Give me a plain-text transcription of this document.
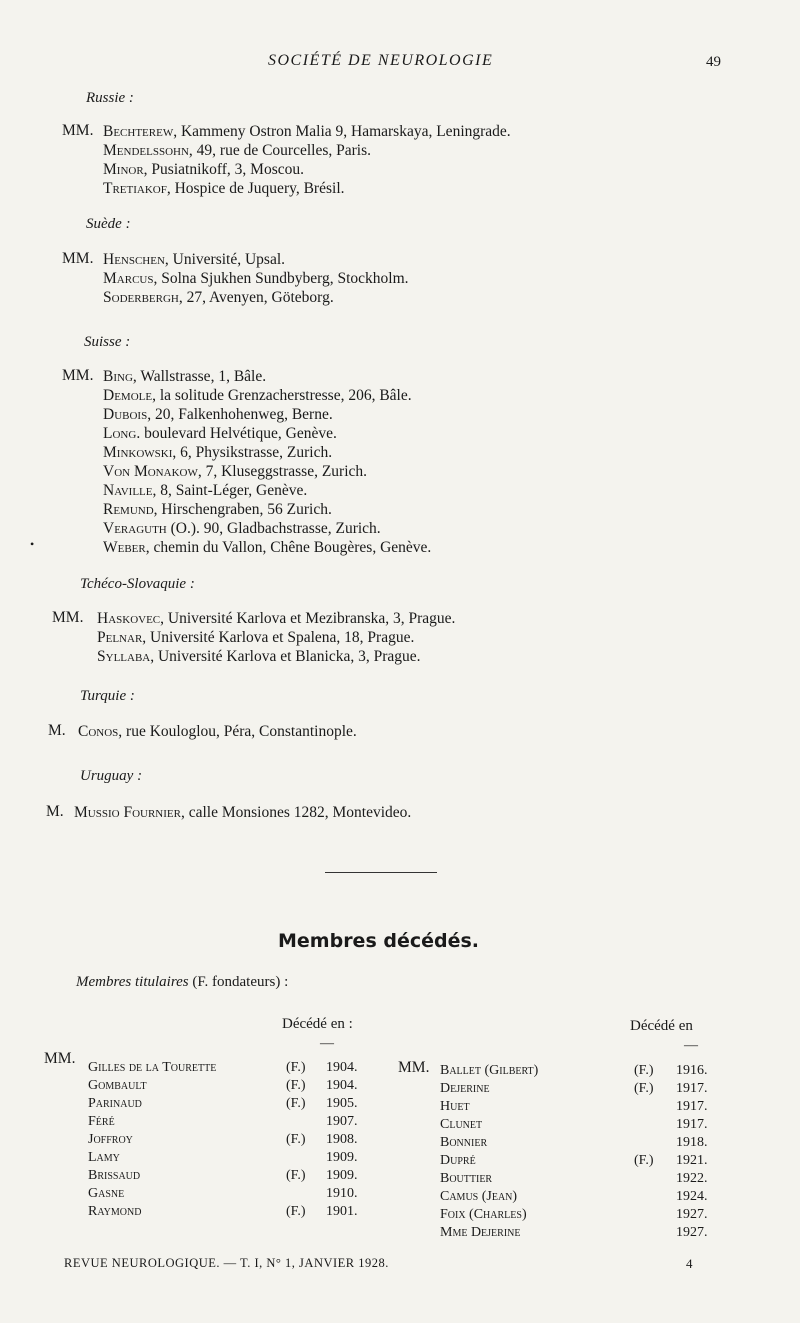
SOCIÉTÉ DE NEUROLOGIE	49
Russie :
MM. Bechterew, Kammeny Ostron Malia 9, Hamarskaya, Leningrade.
Mendelssohn, 49, rue de Courcelles, Paris.
Minor, Pusiatnikoff, 3, Moscou.
Tretiakof, Hospice de Juquery, Brésil.
Suède :
MM. Henschen, Université, Upsal.
Marcus, Solna Sjukhen Sundbyberg, Stockholm.
Soderbergh, 27, Avenyen, Göteborg.
Suisse :
MM. Bing, Wallstrasse, 1, Bâle.
Demole, la solitude Grenzacherstresse, 206, Bâle.
Dubois, 20, Falkenhohenweg, Berne.
Long. boulevard Helvétique, Genève.
Minkowski, 6, Physikstrasse, Zurich.
Von Monakow, 7, Kluseggstrasse, Zurich.
Naville, 8, Saint-Léger, Genève.
Remund, Hirschengraben, 56 Zurich.
Veraguth (O.). 90, Gladbachstrasse, Zurich.
Weber, chemin du Vallon, Chêne Bougères, Genève.
Tchéco-Slovaquie :
MM. Haskovec, Université Karlova et Mezibranska, 3, Prague.
Pelnar, Université Karlova et Spalena, 18, Prague.
Syllaba, Université Karlova et Blanicka, 3, Prague.
Turquie :
M. Conos, rue Kouloglou, Péra, Constantinople.
Uruguay :
M. Mussio Fournier, calle Monsiones 1282, Montevideo.
•
Membres décédés.
Membres titulaires (F. fondateurs) :
Décédé en :	Décédé en
—	—
MM.
MM.
Gilles de la Tourette	(F.) 1904.
Gombault	(F.) 1904.
Parinaud	(F.) 1905.
Féré	1907.
Joffroy	(F.) 1908.
Lamy	1909.
Brissaud	(F.) 1909.
Gasne	1910.
Raymond	(F.) 1901.
Ballet (Gilbert)	(F.) 1916.
Dejerine	(F.) 1917.
Huet	1917.
Clunet	1917.
Bonnier	1918.
Dupré	(F.) 1921.
Bouttier	1922.
Camus (Jean)	1924.
Foix (Charles)	1927.
Mme Dejerine	1927.
REVUE NEUROLOGIQUE. — T. I, N° 1, JANVIER 1928.	4
